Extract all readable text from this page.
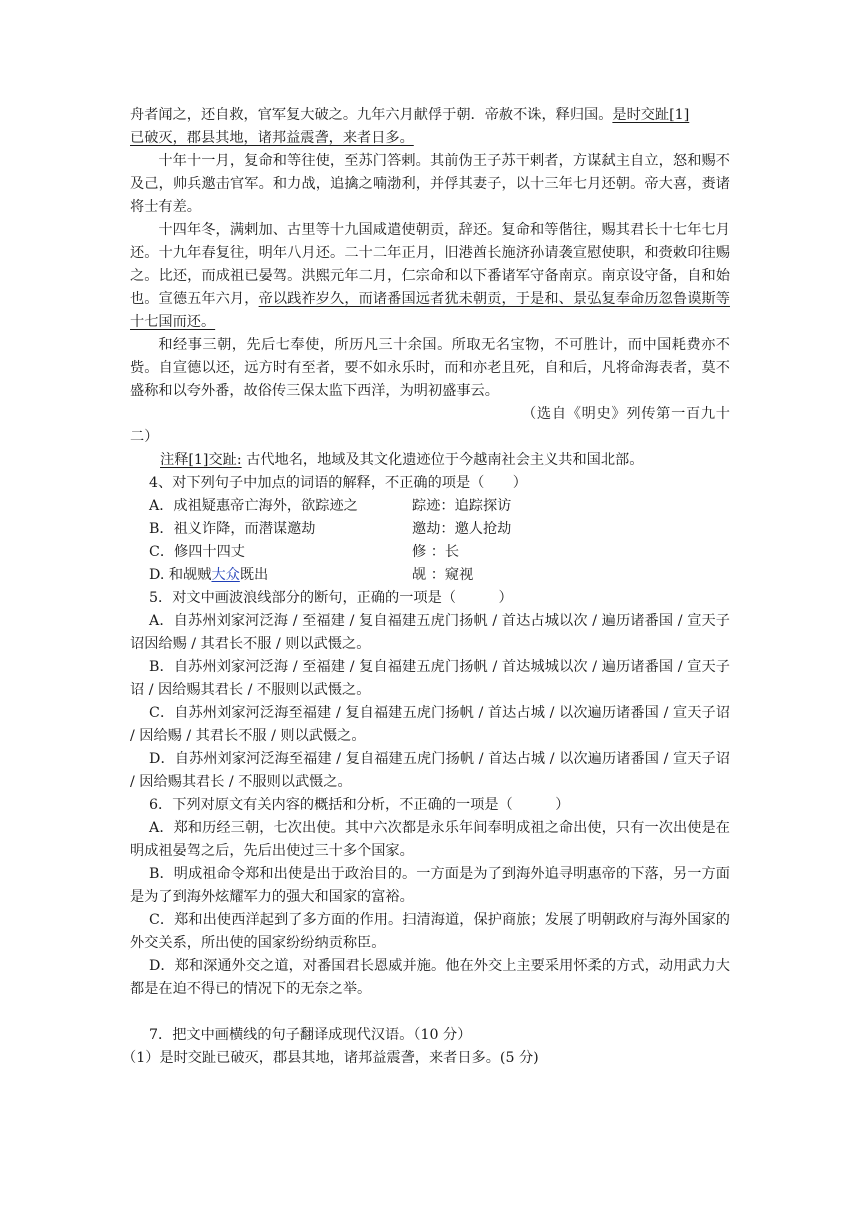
舟者闻之，还自救，官军复大破之。九年六月献俘于朝．帝赦不诛，释归国。是时交趾[1]
已破灭，郡县其地，诸邦益震詟，来者日多。

十年十一月，复命和等往使，至苏门答剌。其前伪王子苏干剌者，方谋弑主自立，怒和赐不及己，帅兵邀击官军。和力战，追擒之喃渤利，并俘其妻子，以十三年七月还朝。帝大喜，赉诸将士有差。

十四年冬，满剌加、古里等十九国咸遣使朝贡，辞还。复命和等偕往，赐其君长十七年七月还。十九年春复往，明年八月还。二十二年正月，旧港酋长施济孙请袭宣慰使职，和赍敕印往赐之。比还，而成祖已晏驾。洪熙元年二月，仁宗命和以下番诸军守备南京。南京设守备，自和始也。宣德五年六月，帝以践祚岁久，而诸番国远者犹未朝贡，于是和、景弘复奉命历忽鲁谟斯等十七国而还。

和经事三朝，先后七奉使，所历凡三十余国。所取无名宝物，不可胜计，而中国耗费亦不赀。自宣德以还，远方时有至者，要不如永乐时，而和亦老且死，自和后，凡将命海表者，莫不盛称和以夸外番，故俗传三保太监下西洋，为明初盛事云。

（选自《明史》列传第一百九十二）

注释[1]交趾: 古代地名，地域及其文化遗迹位于今越南社会主义共和国北部。

4、对下列句子中加点的词语的解释，不正确的项是（　　）

A．成祖疑惠帝亡海外，欲踪迹之	踪迹：追踪探访
B．祖义诈降，而潜谋邀劫	邀劫：邀人抢劫
C．修四十四丈	修 ：长
D. 和觇贼大众既出	觇 ：窥视

5．对文中画波浪线部分的断句，正确的一项是（　　　）

A．自苏州刘家河泛海 / 至福建 / 复自福建五虎门扬帆 / 首达占城以次 / 遍历诸番国 / 宣天子诏因给赐 / 其君长不服 / 则以武慑之。

B．自苏州刘家河泛海 / 至福建 / 复自福建五虎门扬帆 / 首达城城以次 / 遍历诸番国 / 宣天子诏 / 因给赐其君长 / 不服则以武慑之。

C．自苏州刘家河泛海至福建 / 复自福建五虎门扬帆 / 首达占城 / 以次遍历诸番国 / 宣天子诏 / 因给赐 / 其君长不服 / 则以武慑之。

D．自苏州刘家河泛海至福建 / 复自福建五虎门扬帆 / 首达占城 / 以次遍历诸番国 / 宣天子诏 / 因给赐其君长 / 不服则以武慑之。

6．下列对原文有关内容的概括和分析，不正确的一项是（　　　）

A．郑和历经三朝，七次出使。其中六次都是永乐年间奉明成祖之命出使，只有一次出使是在明成祖晏驾之后，先后出使过三十多个国家。

B．明成祖命令郑和出使是出于政治目的。一方面是为了到海外追寻明惠帝的下落，另一方面是为了到海外炫耀军力的强大和国家的富裕。

C．郑和出使西洋起到了多方面的作用。扫清海道，保护商旅；发展了明朝政府与海外国家的外交关系，所出使的国家纷纷纳贡称臣。

D．郑和深通外交之道，对番国君长恩威并施。他在外交上主要采用怀柔的方式，动用武力大都是在迫不得已的情况下的无奈之举。

7．把文中画横线的句子翻译成现代汉语。（10 分）

（1）是时交趾已破灭，郡县其地，诸邦益震詟，来者日多。(5 分)
